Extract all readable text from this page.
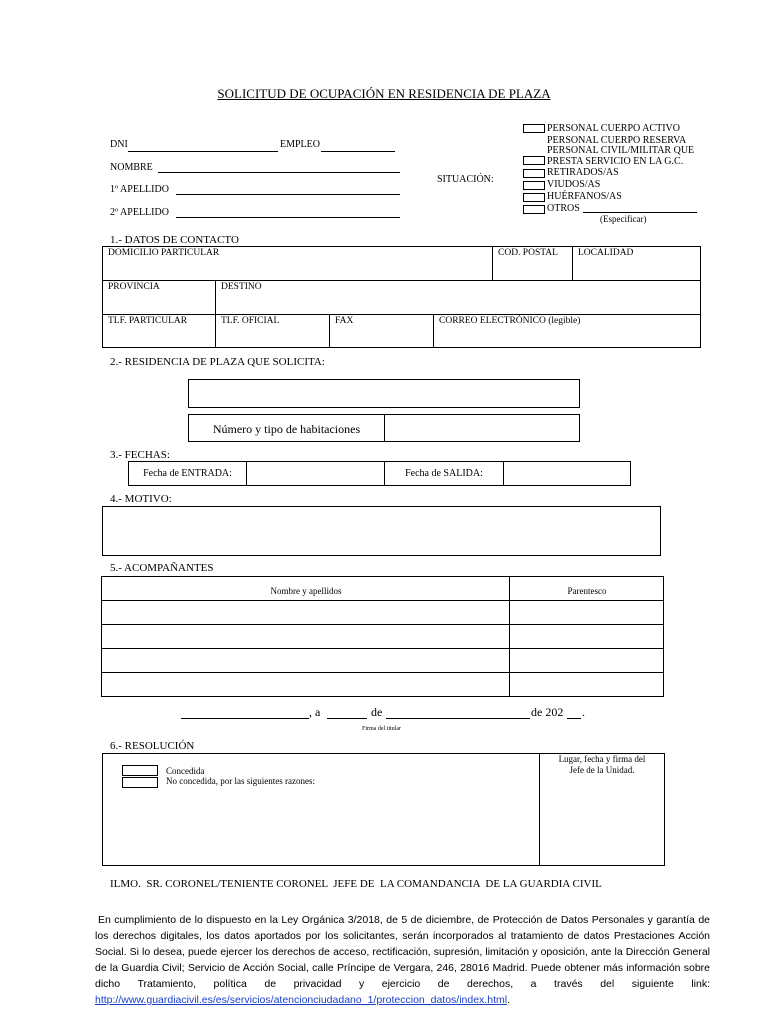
SOLICITUD DE OCUPACIÓN EN RESIDENCIA DE PLAZA
DNI	EMPLEO
NOMBRE
1º APELLIDO
2º APELLIDO
SITUACIÓN:
PERSONAL CUERPO ACTIVO
PERSONAL CUERPO RESERVA
PERSONAL CIVIL/MILITAR QUE
PRESTA SERVICIO EN LA G.C.
RETIRADOS/AS
VIUDOS/AS
HUÉRFANOS/AS
OTROS
(Especificar)
1.- DATOS DE CONTACTO
DOMICILIO PARTICULAR	COD. POSTAL	LOCALIDAD
PROVINCIA	DESTINO
TLF. PARTICULAR	TLF. OFICIAL	FAX	CORREO ELECTRÓNICO (legible)
2.- RESIDENCIA DE PLAZA QUE SOLICITA:
Número y tipo de habitaciones
3.- FECHAS:
Fecha de ENTRADA:	Fecha de SALIDA:
4.- MOTIVO:
5.- ACOMPAÑANTES
Nombre y apellidos	Parentesco
, a	de	de 202 .
Firma del titular
6.- RESOLUCIÓN
Concedida
No concedida, por las siguientes razones:
Lugar, fecha y firma del
Jefe de la Unidad.
ILMO.  SR. CORONEL/TENIENTE CORONEL  JEFE DE  LA COMANDANCIA  DE LA GUARDIA CIVIL
En cumplimiento de lo dispuesto en la Ley Orgánica 3/2018, de 5 de diciembre, de Protección de Datos Personales y garantía de los derechos digitales, los datos aportados por los solicitantes, serán incorporados al tratamiento de datos Prestaciones Acción Social. Si lo desea, puede ejercer los derechos de acceso, rectificación, supresión, limitación y oposición, ante la Dirección General de la Guardia Civil; Servicio de Acción Social, calle Príncipe de Vergara, 246, 28016 Madrid. Puede obtener más información sobre dicho Tratamiento, política de privacidad y ejercicio de derechos, a través del siguiente link: http://www.guardiacivil.es/es/servicios/atencionciudadano_1/proteccion_datos/index.html.
